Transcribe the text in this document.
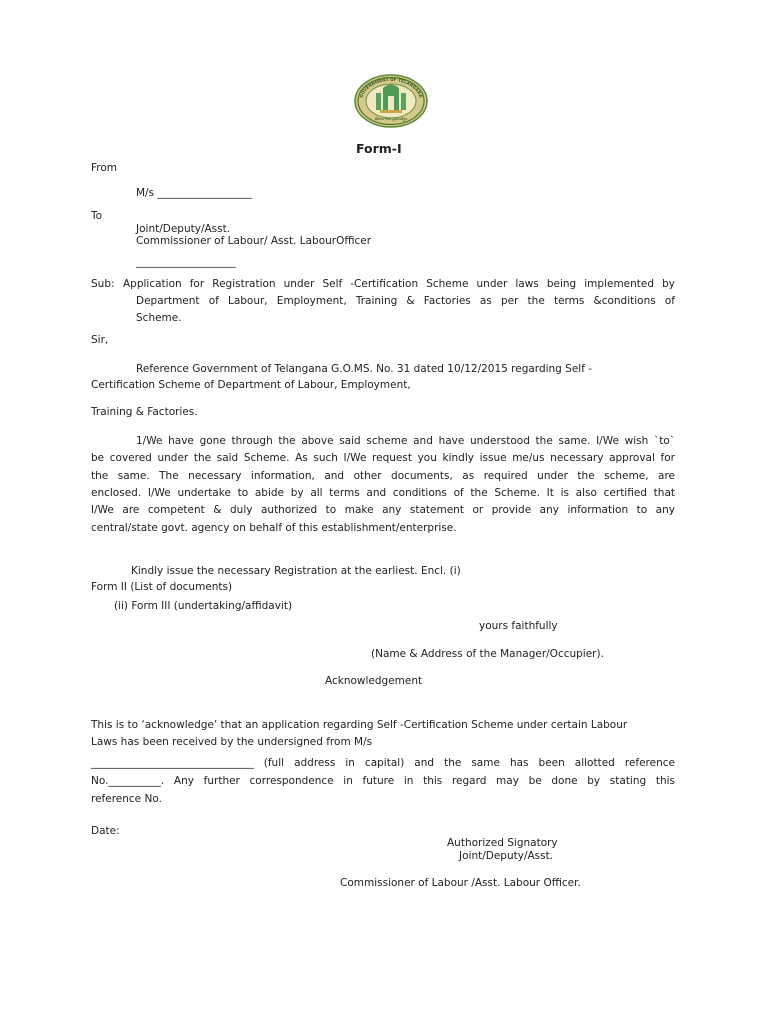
GOVERNMENT OF TELANGANA
తెలంగాణ ప్రభుత్వం
Form-I
From
M/s __________________
To
Joint/Deputy/Asst.
Commissioner of Labour/ Asst. LabourOfficer
___________________
Sub: Application for Registration under Self -Certification Scheme under laws being implemented by
Department of Labour, Employment, Training & Factories as per the terms &conditions of
Scheme.
Sir,
Reference Government of Telangana G.O.MS. No. 31 dated 10/12/2015 regarding Self -
Certification Scheme of Department of Labour, Employment,
Training & Factories.
1/We have gone through the above said scheme and have understood the same. I/We wish `to`
be covered under the said Scheme. As such I/We request you kindly issue me/us necessary approval for
the same. The necessary information, and other documents, as required under the scheme, are
enclosed. I/We undertake to abide by all terms and conditions of the Scheme. It is also certified that
I/We are competent & duly authorized to make any statement or provide any information to any
central/state govt. agency on behalf of this establishment/enterprise.
Kindly issue the necessary Registration at the earliest. Encl. (i)
Form II (List of documents)
(ii) Form III (undertaking/affidavit)
yours faithfully
(Name & Address of the Manager/Occupier).
Acknowledgement
This is to ‘acknowledge’ that an application regarding Self -Certification Scheme under certain Labour
Laws has been received by the undersigned from M/s
_______________________________ (full address in capital) and the same has been allotted reference
No.__________. Any further correspondence in future in this regard may be done by stating this
reference No.
Date:
Authorized Signatory
Joint/Deputy/Asst.
Commissioner of Labour /Asst. Labour Officer.
